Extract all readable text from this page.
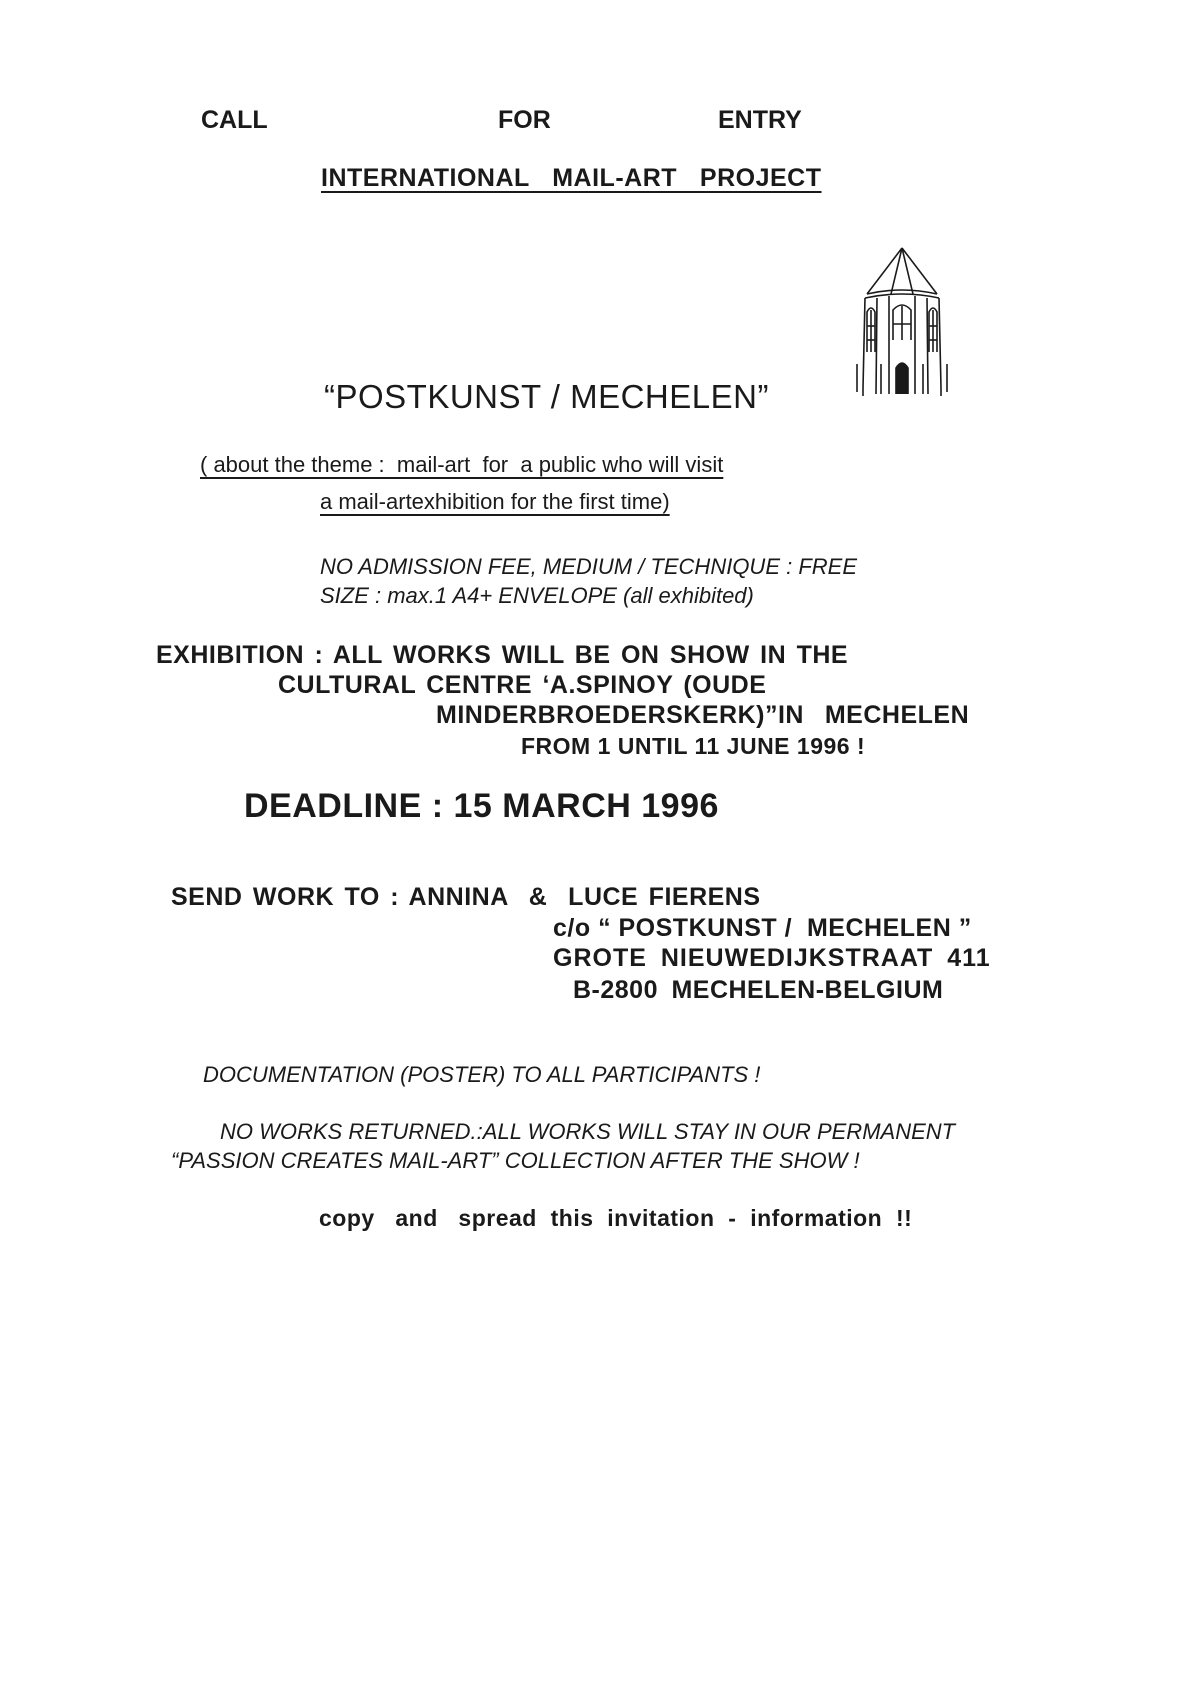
CALL	FOR	ENTRY
INTERNATIONAL  MAIL-ART  PROJECT

“POSTKUNST / MECHELEN”
( about the theme :  mail-art  for  a public who will visit
a mail-artexhibition for the first time)
NO ADMISSION FEE, MEDIUM / TECHNIQUE : FREE
SIZE : max.1 A4+ ENVELOPE (all exhibited)
EXHIBITION : ALL WORKS WILL BE ON SHOW IN THE
CULTURAL CENTRE ‘A.SPINOY (OUDE
MINDERBROEDERSKERK)”IN  MECHELEN
FROM 1 UNTIL 11 JUNE 1996 !
DEADLINE : 15 MARCH 1996
SEND WORK TO : ANNINA  &  LUCE FIERENS
c/o “ POSTKUNST /  MECHELEN ”
GROTE NIEUWEDIJKSTRAAT 411
B-2800 MECHELEN-BELGIUM
DOCUMENTATION (POSTER) TO ALL PARTICIPANTS !
NO WORKS RETURNED.:ALL WORKS WILL STAY IN OUR PERMANENT
“PASSION CREATES MAIL-ART” COLLECTION AFTER THE SHOW !
copy   and   spread  this  invitation  -  information  !!
